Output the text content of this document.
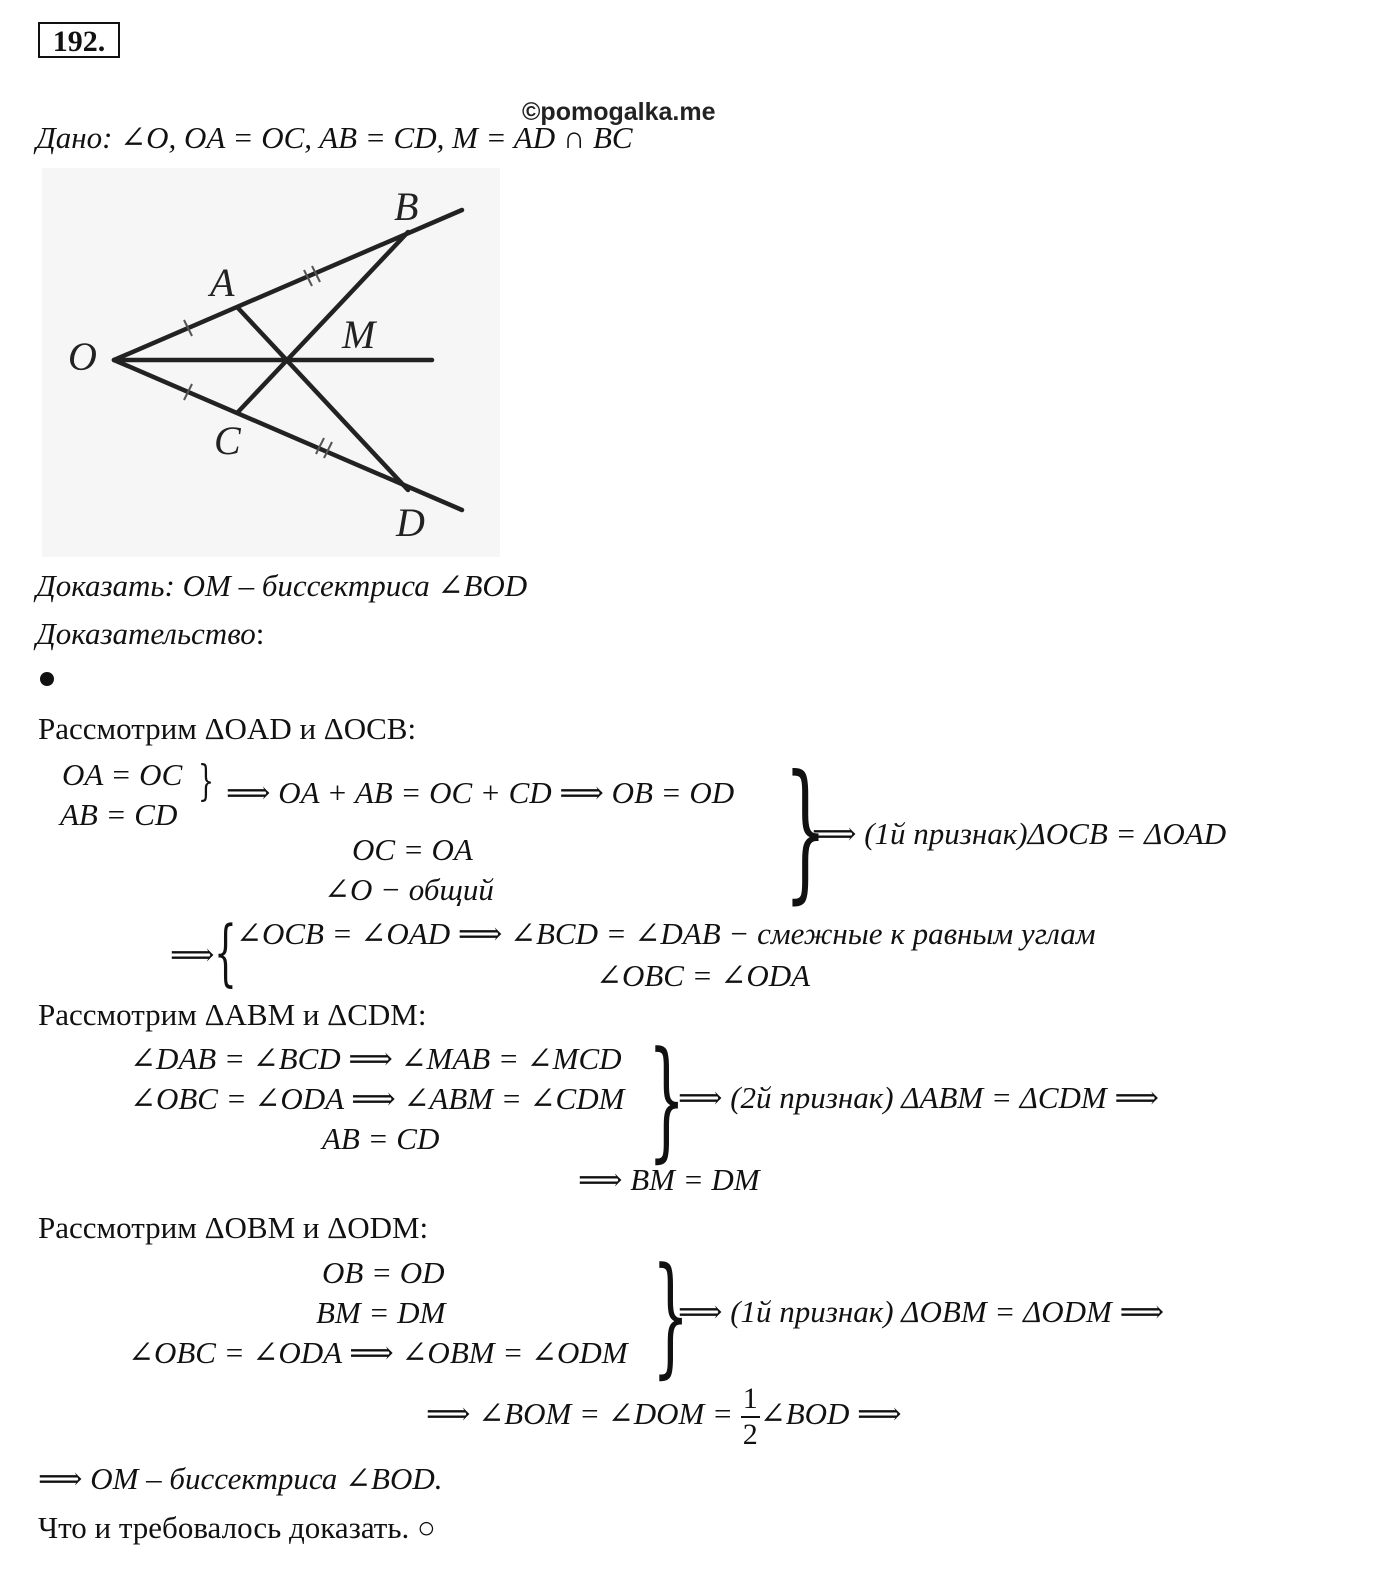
192.
©pomogalka.me
Дано: ∠O, OA = OC, AB = CD, M = AD ∩ BC
O
A
B
M
C
D
Доказать: OM – биссектриса ∠BOD
Доказательство:
Рассмотрим ΔOAD и ΔOCB:
OA = OC
AB = CD
} ⟹ OA + AB = OC + CD ⟹ OB = OD
OC = OA
∠O − общий }
⟹ (1й признак)ΔOCB = ΔOAD
⟹ { ∠OCB = ∠OAD ⟹ ∠BCD = ∠DAB − смежные к равным углам
∠OBC = ∠ODA
Рассмотрим ΔABM и ΔCDM:
∠DAB = ∠BCD ⟹ ∠MAB = ∠MCD
∠OBC = ∠ODA ⟹ ∠ABM = ∠CDM
AB = CD }
⟹ (2й признак) ΔABM = ΔCDM ⟹
⟹ BM = DM
Рассмотрим ΔOBM и ΔODM:
OB = OD
BM = DM
∠OBC = ∠ODA ⟹ ∠OBM = ∠ODM }
⟹ (1й признак) ΔOBM = ΔODM ⟹
⟹ ∠BOM = ∠DOM = $\frac{1}{2}$ ∠BOD ⟹
⟹ OM – биссектриса ∠BOD.
Что и требовалось доказать. ○
